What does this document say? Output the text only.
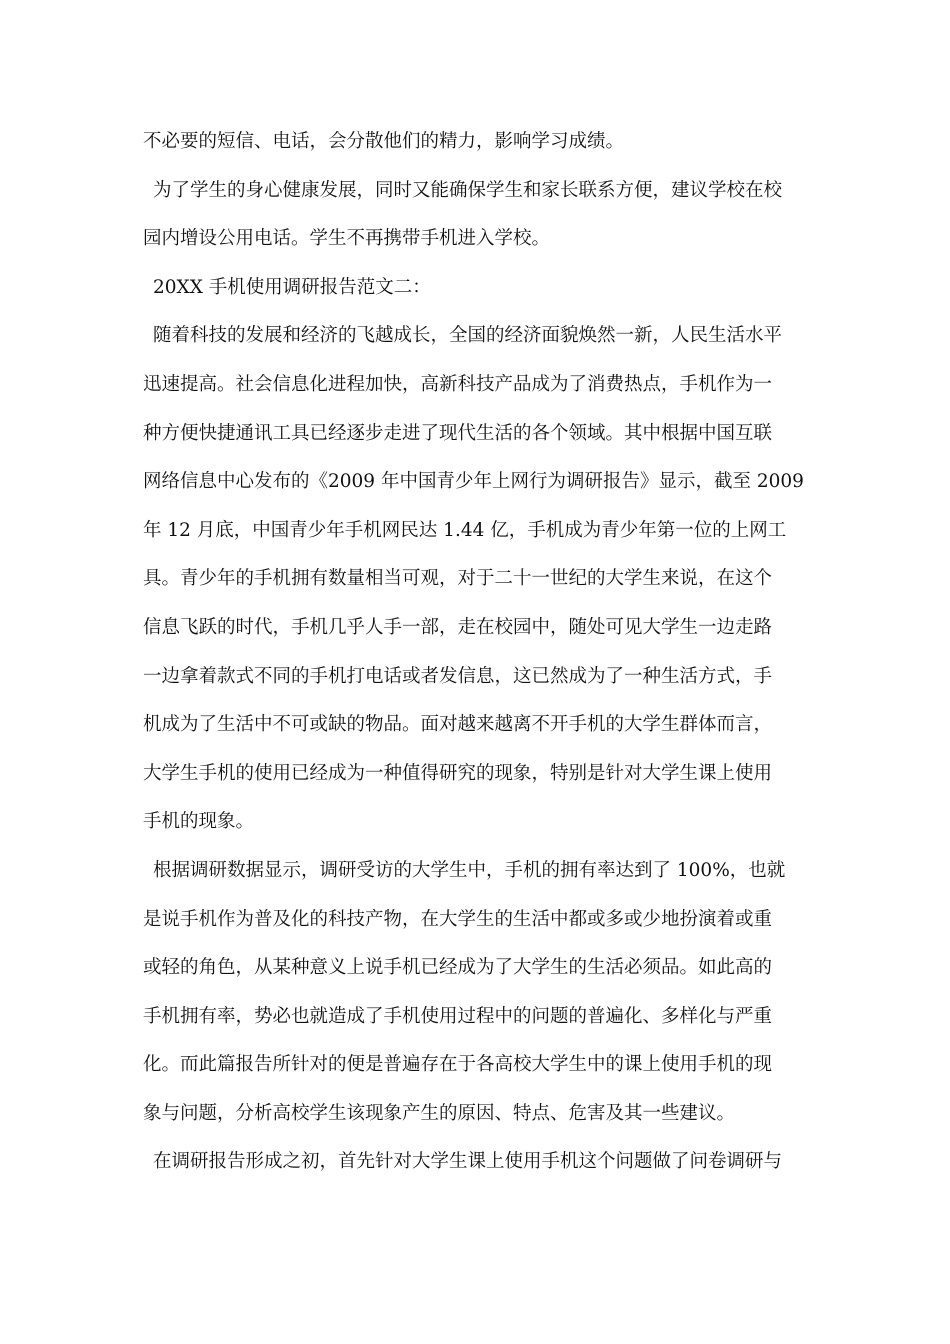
不必要的短信、电话，会分散他们的精力，影响学习成绩。
为了学生的身心健康发展，同时又能确保学生和家长联系方便，建议学校在校
园内增设公用电话。学生不再携带手机进入学校。
20XX 手机使用调研报告范文二：
随着科技的发展和经济的飞越成长，全国的经济面貌焕然一新，人民生活水平
迅速提高。社会信息化进程加快，高新科技产品成为了消费热点，手机作为一
种方便快捷通讯工具已经逐步走进了现代生活的各个领域。其中根据中国互联
网络信息中心发布的《2009 年中国青少年上网行为调研报告》显示，截至 2009
年 12 月底，中国青少年手机网民达 1.44 亿，手机成为青少年第一位的上网工
具。青少年的手机拥有数量相当可观，对于二十一世纪的大学生来说，在这个
信息飞跃的时代，手机几乎人手一部，走在校园中，随处可见大学生一边走路
一边拿着款式不同的手机打电话或者发信息，这已然成为了一种生活方式，手
机成为了生活中不可或缺的物品。面对越来越离不开手机的大学生群体而言，
大学生手机的使用已经成为一种值得研究的现象，特别是针对大学生课上使用
手机的现象。
根据调研数据显示，调研受访的大学生中，手机的拥有率达到了 100%，也就
是说手机作为普及化的科技产物，在大学生的生活中都或多或少地扮演着或重
或轻的角色，从某种意义上说手机已经成为了大学生的生活必须品。如此高的
手机拥有率，势必也就造成了手机使用过程中的问题的普遍化、多样化与严重
化。而此篇报告所针对的便是普遍存在于各高校大学生中的课上使用手机的现
象与问题，分析高校学生该现象产生的原因、特点、危害及其一些建议。
在调研报告形成之初，首先针对大学生课上使用手机这个问题做了问卷调研与
